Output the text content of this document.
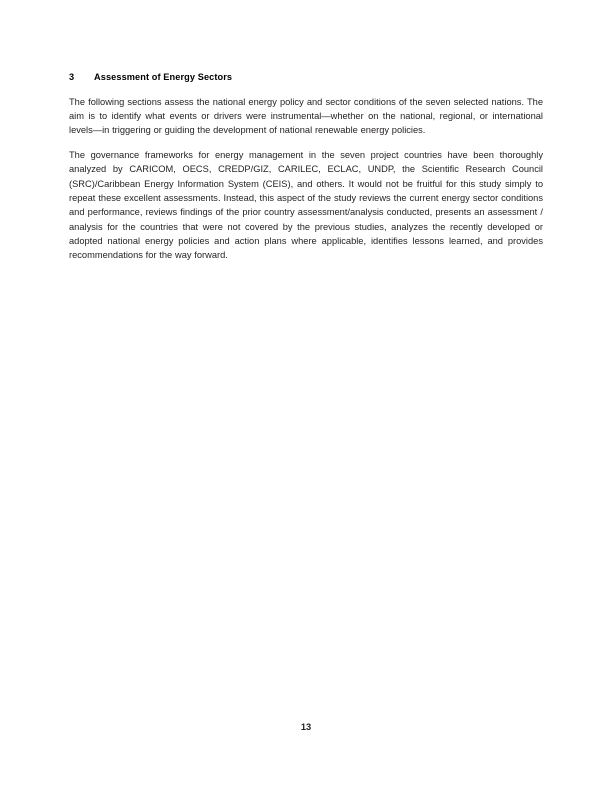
3 Assessment of Energy Sectors

The following sections assess the national energy policy and sector conditions of the seven selected nations. The aim is to identify what events or drivers were instrumental—whether on the national, regional, or international levels—in triggering or guiding the development of national renewable energy policies.

The governance frameworks for energy management in the seven project countries have been thoroughly analyzed by CARICOM, OECS, CREDP/GIZ, CARILEC, ECLAC, UNDP, the Scientific Research Council (SRC)/Caribbean Energy Information System (CEIS), and others. It would not be fruitful for this study simply to repeat these excellent assessments. Instead, this aspect of the study reviews the current energy sector conditions and performance, reviews findings of the prior country assessment/analysis conducted, presents an assessment / analysis for the countries that were not covered by the previous studies, analyzes the recently developed or adopted national energy policies and action plans where applicable, identifies lessons learned, and provides recommendations for the way forward.

13
